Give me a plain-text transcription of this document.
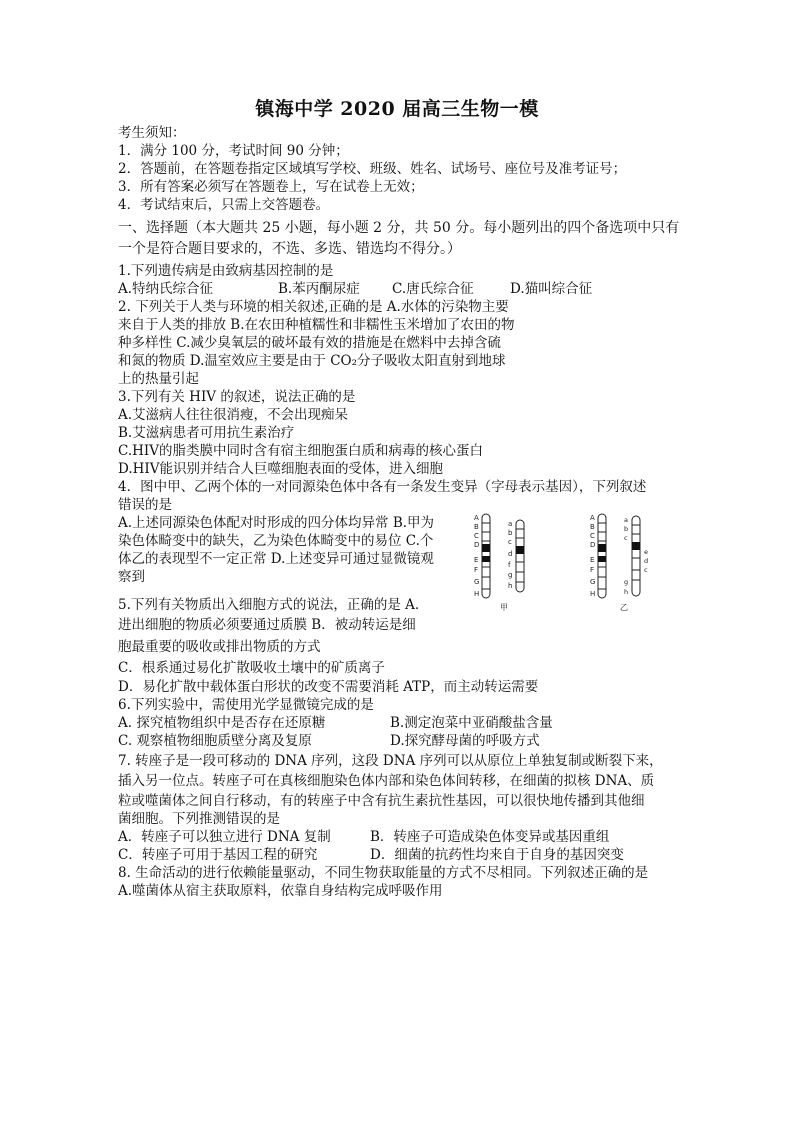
镇海中学 2020 届高三生物一模
考生须知：
1．满分 100 分，考试时间 90 分钟；
2．答题前，在答题卷指定区域填写学校、班级、姓名、试场号、座位号及准考证号；
3．所有答案必须写在答题卷上，写在试卷上无效；
4．考试结束后，只需上交答题卷。
一、选择题（本大题共 25 小题，每小题 2 分，共 50 分。每小题列出的四个备选项中只有
一个是符合题目要求的，不选、多选、错选均不得分。）
1.下列遗传病是由致病基因控制的是
A.特纳氏综合征	B.苯丙酮尿症 C.唐氏综合征	D.猫叫综合征
2. 下列关于人类与环境的相关叙述,正确的是 A.水体的污染物主要
来自于人类的排放 B.在农田种植糯性和非糯性玉米增加了农田的物
种多样性 C.减少臭氧层的破坏最有效的措施是在燃料中去掉含硫
和氮的物质 D.温室效应主要是由于 CO₂分子吸收太阳直射到地球
上的热量引起
3.下列有关 HIV 的叙述，说法正确的是
A.艾滋病人往往很消瘦，不会出现痴呆
B.艾滋病患者可用抗生素治疗
C.HIV的脂类膜中同时含有宿主细胞蛋白质和病毒的核心蛋白
D.HIV能识别并结合人巨噬细胞表面的受体，进入细胞
4．图中甲、乙两个体的一对同源染色体中各有一条发生变异（字母表示基因），下列叙述
错误的是
A.上述同源染色体配对时形成的四分体均异常 B.甲为
染色体畸变中的缺失，乙为染色体畸变中的易位 C.个
体乙的表现型不一定正常 D.上述变异可通过显微镜观
察到
A
B
C
D
E
F
G
H
a
b
c
d
f
g
h
甲
A
B
C
D
E
F
G
H
a
b
c
e
d
c
g
h
乙
5.下列有关物质出入细胞方式的说法，正确的是 A．
进出细胞的物质必须要通过质膜 B．被动转运是细
胞最重要的吸收或排出物质的方式
C．根系通过易化扩散吸收土壤中的矿质离子
D．易化扩散中载体蛋白形状的改变不需要消耗 ATP，而主动转运需要
6.下列实验中，需使用光学显微镜完成的是
A. 探究植物组织中是否存在还原糖	B.测定泡菜中亚硝酸盐含量
C. 观察植物细胞质壁分离及复原	D.探究酵母菌的呼吸方式
7. 转座子是一段可移动的 DNA 序列，这段 DNA 序列可以从原位上单独复制或断裂下来，
插入另一位点。转座子可在真核细胞染色体内部和染色体间转移，在细菌的拟核 DNA、质
粒或噬菌体之间自行移动，有的转座子中含有抗生素抗性基因，可以很快地传播到其他细
菌细胞。下列推测错误的是
A．转座子可以独立进行 DNA 复制	B．转座子可造成染色体变异或基因重组
C．转座子可用于基因工程的研究	D．细菌的抗药性均来自于自身的基因突变
8. 生命活动的进行依赖能量驱动，不同生物获取能量的方式不尽相同。下列叙述正确的是
A.噬菌体从宿主获取原料，依靠自身结构完成呼吸作用
